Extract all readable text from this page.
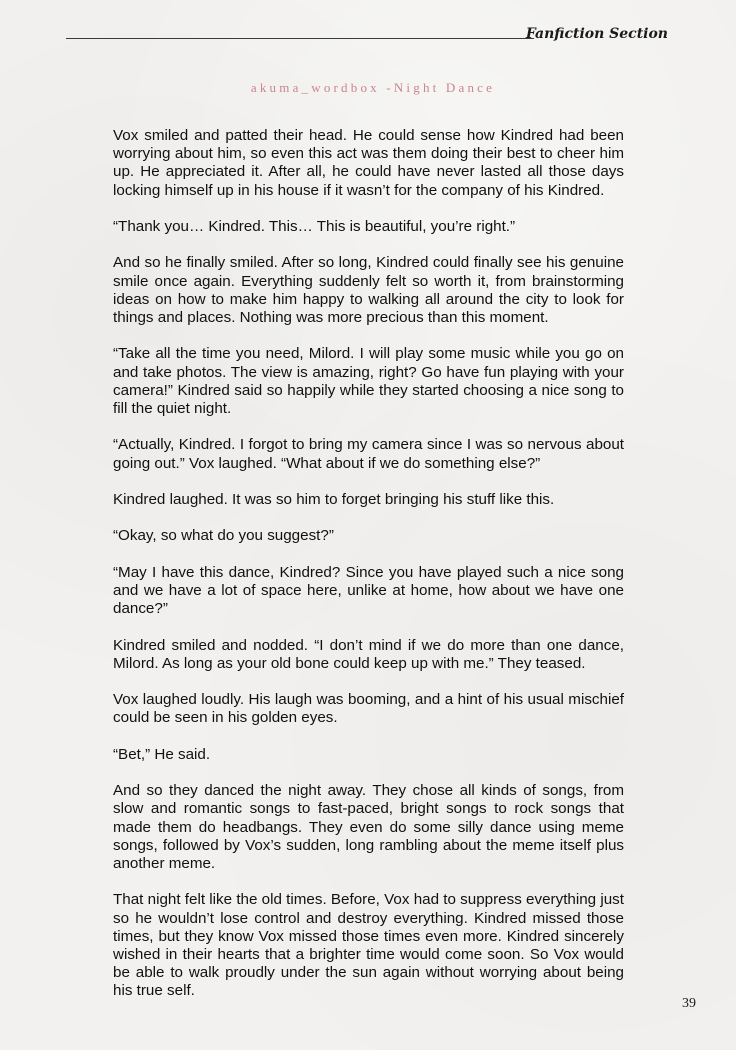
Fanfiction Section
akuma_wordbox -Night Dance

Vox smiled and patted their head. He could sense how Kindred had been worrying about him, so even this act was them doing their best to cheer him up. He appreciated it. After all, he could have never lasted all those days locking himself up in his house if it wasn’t for the company of his Kindred.

“Thank you… Kindred. This… This is beautiful, you’re right.”

And so he finally smiled. After so long, Kindred could finally see his genuine smile once again. Everything suddenly felt so worth it, from brainstorming ideas on how to make him happy to walking all around the city to look for things and places. Nothing was more precious than this moment.

“Take all the time you need, Milord. I will play some music while you go on and take photos. The view is amazing, right? Go have fun playing with your camera!” Kindred said so happily while they started choosing a nice song to fill the quiet night.

“Actually, Kindred. I forgot to bring my camera since I was so nervous about going out.” Vox laughed. “What about if we do something else?”

Kindred laughed. It was so him to forget bringing his stuff like this.

“Okay, so what do you suggest?”

“May I have this dance, Kindred? Since you have played such a nice song and we have a lot of space here, unlike at home, how about we have one dance?”

Kindred smiled and nodded. “I don’t mind if we do more than one dance, Milord. As long as your old bone could keep up with me.” They teased.

Vox laughed loudly. His laugh was booming, and a hint of his usual mischief could be seen in his golden eyes.

“Bet,” He said.

And so they danced the night away. They chose all kinds of songs, from slow and romantic songs to fast-paced, bright songs to rock songs that made them do headbangs. They even do some silly dance using meme songs, followed by Vox’s sudden, long rambling about the meme itself plus another meme.

That night felt like the old times. Before, Vox had to suppress everything just so he wouldn’t lose control and destroy everything. Kindred missed those times, but they know Vox missed those times even more. Kindred sincerely wished in their hearts that a brighter time would come soon. So Vox would be able to walk proudly under the sun again without worrying about being his true self.

39
